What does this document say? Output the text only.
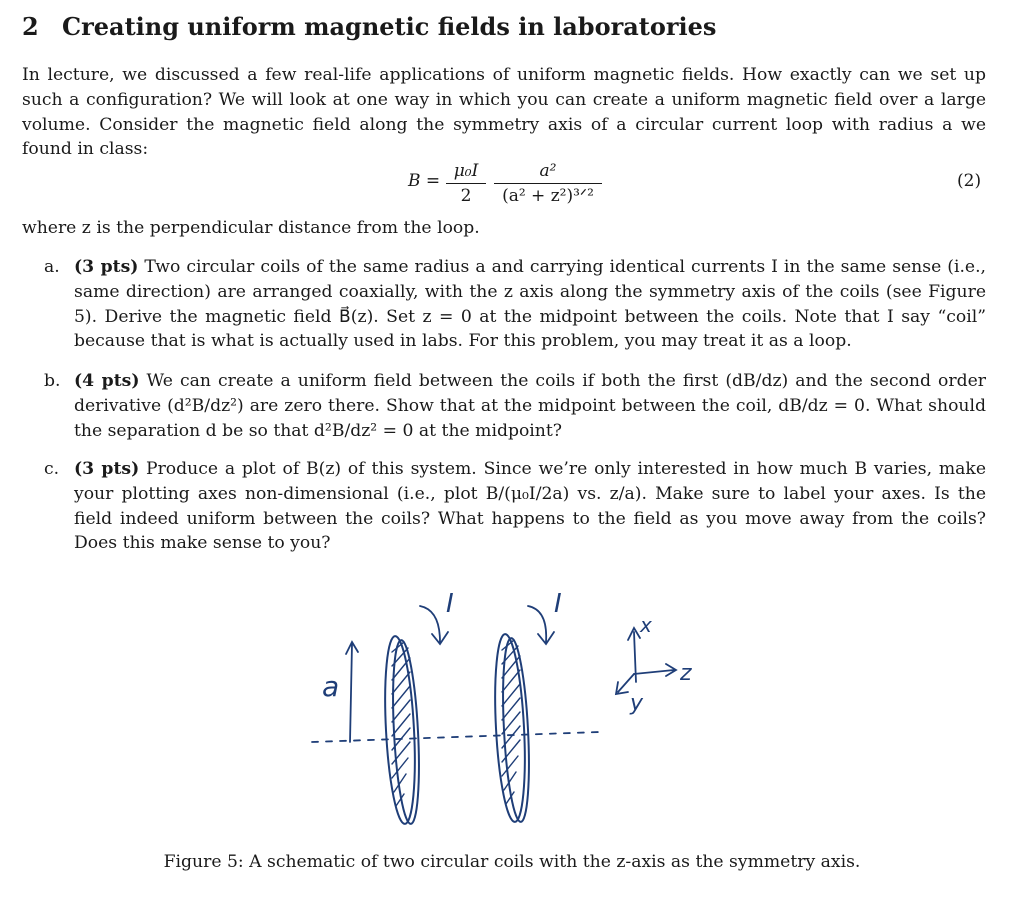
2 Creating uniform magnetic fields in laboratories
In lecture, we discussed a few real-life applications of uniform magnetic fields. How exactly can we set up such a configuration? We will look at one way in which you can create a uniform magnetic field over a large volume. Consider the magnetic field along the symmetry axis of a circular current loop with radius a we found in class:
B = μ₀I
2
a²
(a² + z²)³ᐟ²
(2)
where z is the perpendicular distance from the loop.
a. (3 pts) Two circular coils of the same radius a and carrying identical currents I in the same sense (i.e., same direction) are arranged coaxially, with the z axis along the symmetry axis of the coils (see Figure 5). Derive the magnetic field B⃗(z). Set z = 0 at the midpoint between the coils. Note that I say “coil” because that is what is actually used in labs. For this problem, you may treat it as a loop.
b. (4 pts) We can create a uniform field between the coils if both the first (dB/dz) and the second order derivative (d²B/dz²) are zero there. Show that at the midpoint between the coil, dB/dz = 0. What should the separation d be so that d²B/dz² = 0 at the midpoint?
c. (3 pts) Produce a plot of B(z) of this system. Since we’re only interested in how much B varies, make your plotting axes non-dimensional (i.e., plot B/(μ₀I/2a) vs. z/a). Make sure to label your axes. Is the field indeed uniform between the coils? What happens to the field as you move away from the coils? Does this make sense to you?
I	I
a
x
z
y
Figure 5: A schematic of two circular coils with the z-axis as the symmetry axis.
